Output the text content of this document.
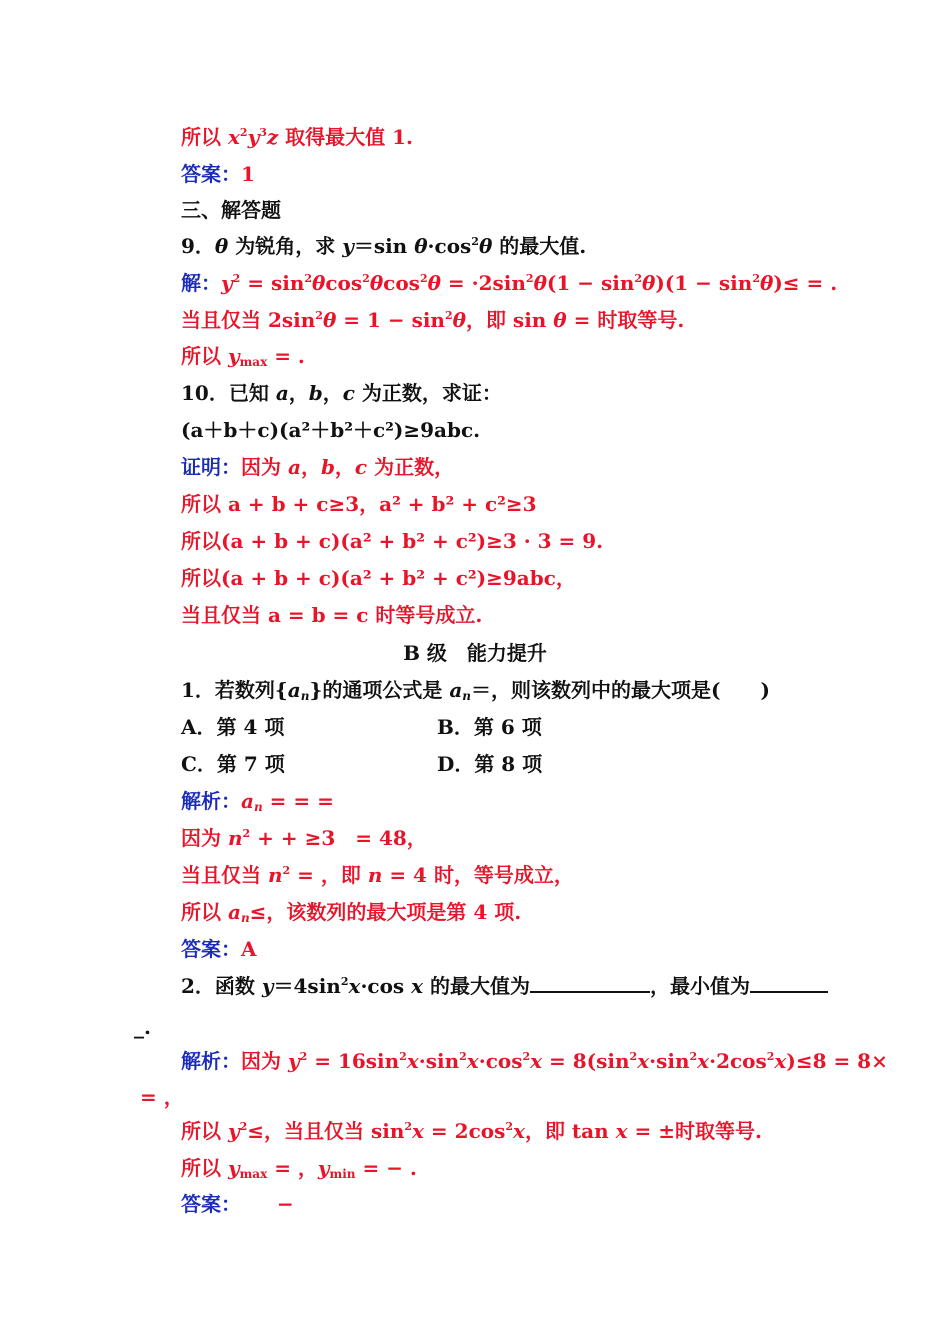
所以 $x^2y^3z$ 取得最大值 1.
答案：1
三、解答题
9．θ 为锐角，求 y＝sin $\theta\cdot\cos^2\theta$ 的最大值.
解：$y^2 = \sin^2\theta\cos^2\theta\cos^2\theta = \cdot 2\sin^2\theta(1 - \sin^2\theta)(1 - \sin^2\theta)\le$ = .
当且仅当 $2\sin^2\theta = 1 - \sin^2\theta$，即 sin θ = 时取等号.
所以 $y_{max}$ = .
10．已知 a，b，c 为正数，求证：
(a＋b＋c)(a²＋b²＋c²)≥9abc.
证明：因为 a，b，c 为正数，
所以 a + b + c≥3，a² + b² + c²≥3
所以(a + b + c)(a² + b² + c²)≥3 · 3 = 9.
所以(a + b + c)(a² + b² + c²)≥9abc，
当且仅当 a = b = c 时等号成立.
B 级　能力提升
1．若数列$\{a_n\}$的通项公式是 $a_n=$，则该数列中的最大项是(　　)
A．第 4 项	B．第 6 项
C．第 7 项	D．第 8 项
解析：$a_n$ = = =
因为 $n^2$ + + ≥3　= 48，
当且仅当 $n^2$ = ，即 n = 4 时，等号成立，
所以 $a_n\le$，该数列的最大项是第 4 项.
答案：A
2．函数 $y=4\sin^2x\cdot\cos$ x 的最大值为	，最小值为
_.
解析：因为 $y^2 = 16\sin^2x\cdot\sin^2x\cdot\cos^2x = 8(\sin^2x\cdot\sin^2x\cdot 2\cos^2x)\le 8 = 8\times$
= ，
所以 $y^2\le$，当且仅当 $\sin^2x = 2\cos^2x$，即 tan x = ±时取等号.
所以 $y_{max}$ = ，$y_{min}$ = − .
答案： −
